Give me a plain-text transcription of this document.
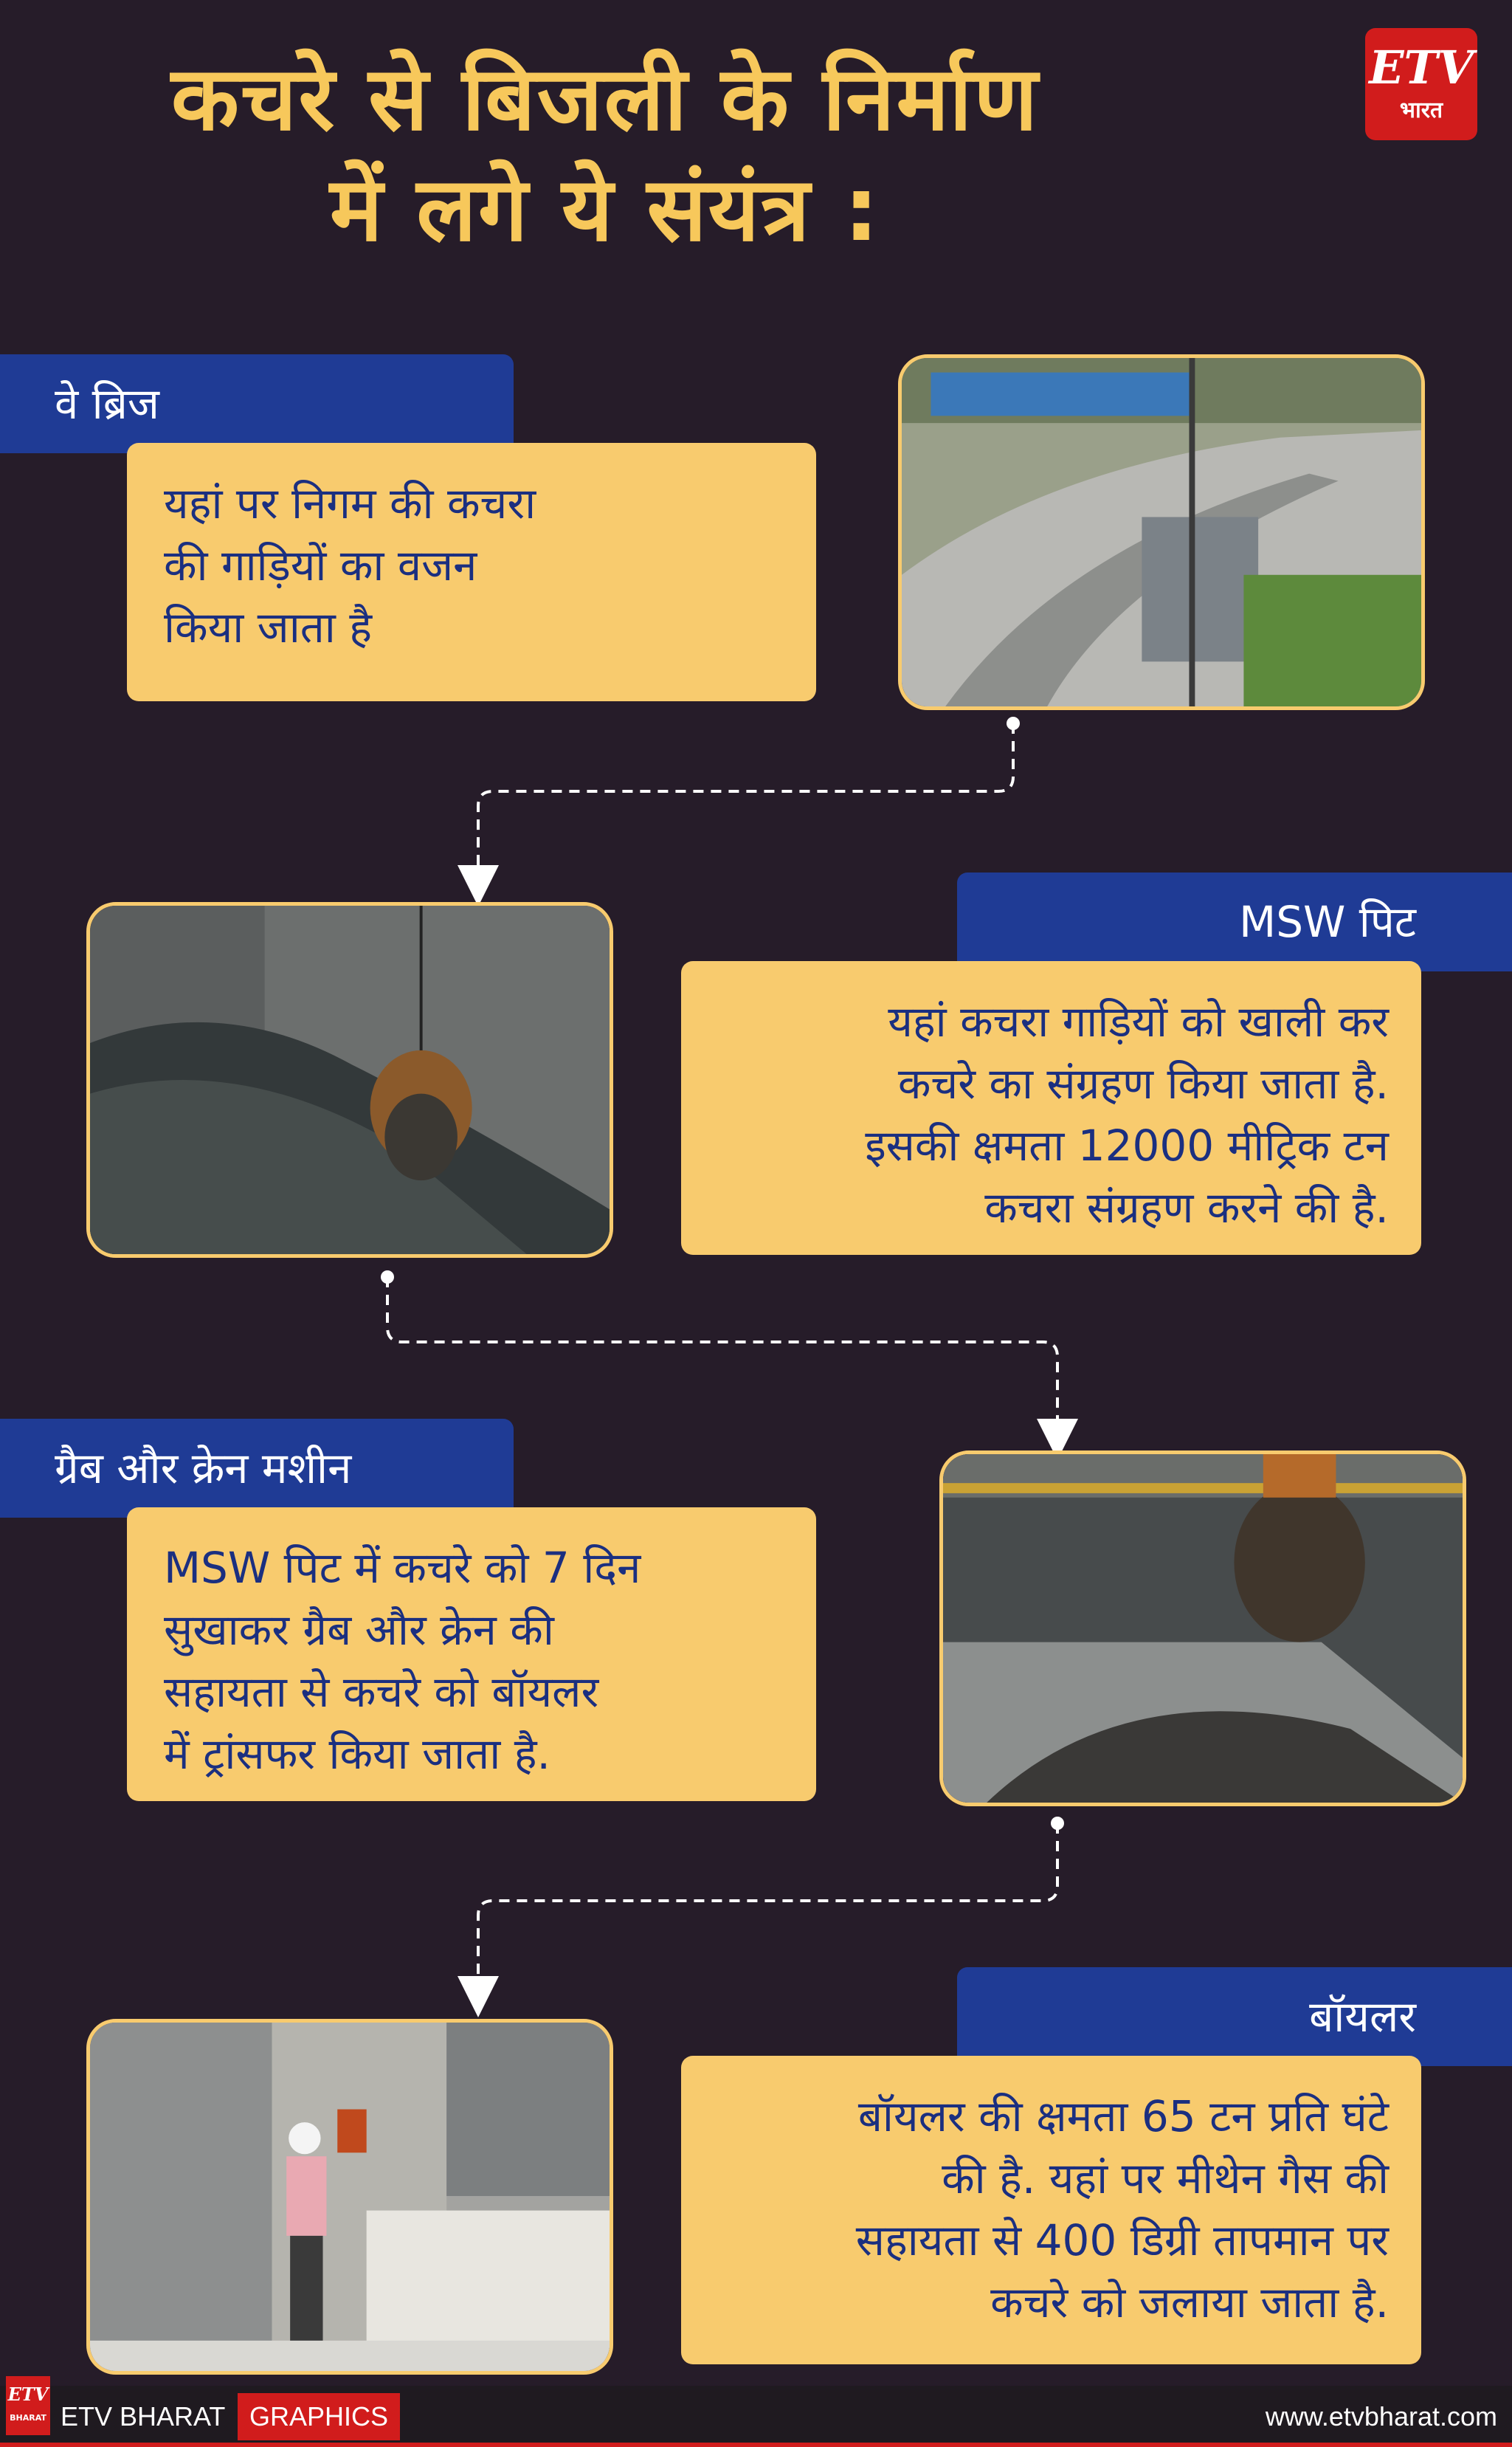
कचरे से बिजली के निर्माण
में लगे ये संयंत्र :
ETV
भारत
वे ब्रिज
यहां पर निगम की कचरा
की गाड़ियों का वजन
किया जाता है
MSW पिट
यहां कचरा गाड़ियों को खाली कर
कचरे का संग्रहण किया जाता है.
इसकी क्षमता 12000 मीट्रिक टन
कचरा संग्रहण करने की है.
ग्रैब और क्रेन मशीन
MSW पिट में कचरे को 7 दिन
सुखाकर ग्रैब और क्रेन की
सहायता से कचरे को बॉयलर
में ट्रांसफर किया जाता है.
बॉयलर
बॉयलर की क्षमता 65 टन प्रति घंटे
की है. यहां पर मीथेन गैस की
सहायता से 400 डिग्री तापमान पर
कचरे को जलाया जाता है.
ETV
BHARAT ETV BHARAT GRAPHICS	www.etvbharat.com
